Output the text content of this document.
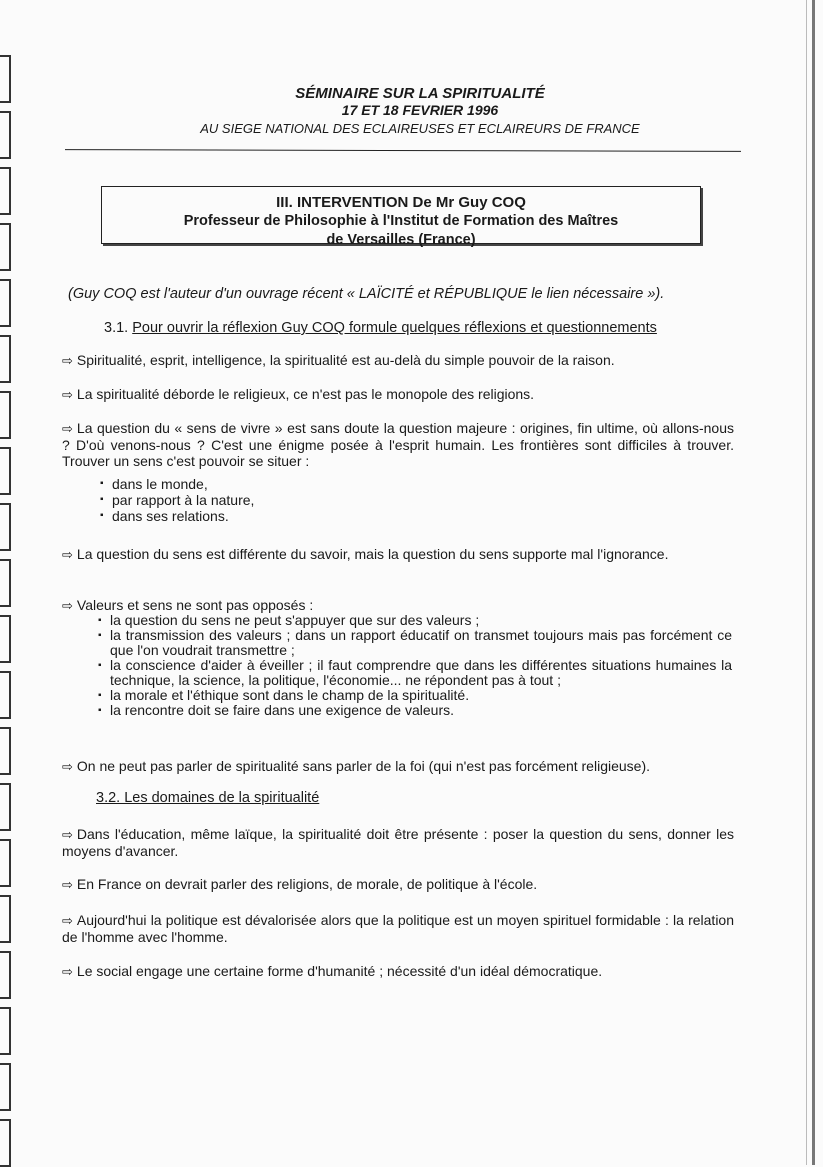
SÉMINAIRE SUR LA SPIRITUALITÉ
17 ET 18 FEVRIER 1996
AU SIEGE NATIONAL DES ECLAIREUSES ET ECLAIREURS DE FRANCE
III. INTERVENTION De Mr Guy COQ
Professeur de Philosophie à l'Institut de Formation des Maîtres
de Versailles (France)
(Guy COQ est l'auteur d'un ouvrage récent « LAÏCITÉ et RÉPUBLIQUE le lien nécessaire »).
3.1. Pour ouvrir la réflexion Guy COQ formule quelques réflexions et questionnements
⇨ Spiritualité, esprit, intelligence, la spiritualité est au-delà du simple pouvoir de la raison.
⇨ La spiritualité déborde le religieux, ce n'est pas le monopole des religions.
⇨ La question du « sens de vivre » est sans doute la question majeure : origines, fin ultime, où allons-nous ? D'où venons-nous ? C'est une énigme posée à l'esprit humain. Les frontières sont difficiles à trouver. Trouver un sens c'est pouvoir se situer :
▪ dans le monde,
▪ par rapport à la nature,
▪ dans ses relations.
⇨ La question du sens est différente du savoir, mais la question du sens supporte mal l'ignorance.
⇨ Valeurs et sens ne sont pas opposés :
▪ la question du sens ne peut s'appuyer que sur des valeurs ;
▪ la transmission des valeurs ; dans un rapport éducatif on transmet toujours mais pas forcément ce que l'on voudrait transmettre ;
▪ la conscience d'aider à éveiller ; il faut comprendre que dans les différentes situations humaines la technique, la science, la politique, l'économie... ne répondent pas à tout ;
▪ la morale et l'éthique sont dans le champ de la spiritualité.
▪ la rencontre doit se faire dans une exigence de valeurs.
⇨ On ne peut pas parler de spiritualité sans parler de la foi (qui n'est pas forcément religieuse).
3.2. Les domaines de la spiritualité
⇨ Dans l'éducation, même laïque, la spiritualité doit être présente : poser la question du sens, donner les moyens d'avancer.
⇨ En France on devrait parler des religions, de morale, de politique à l'école.
⇨ Aujourd'hui la politique est dévalorisée alors que la politique est un moyen spirituel formidable : la relation de l'homme avec l'homme.
⇨ Le social engage une certaine forme d'humanité ; nécessité d'un idéal démocratique.
